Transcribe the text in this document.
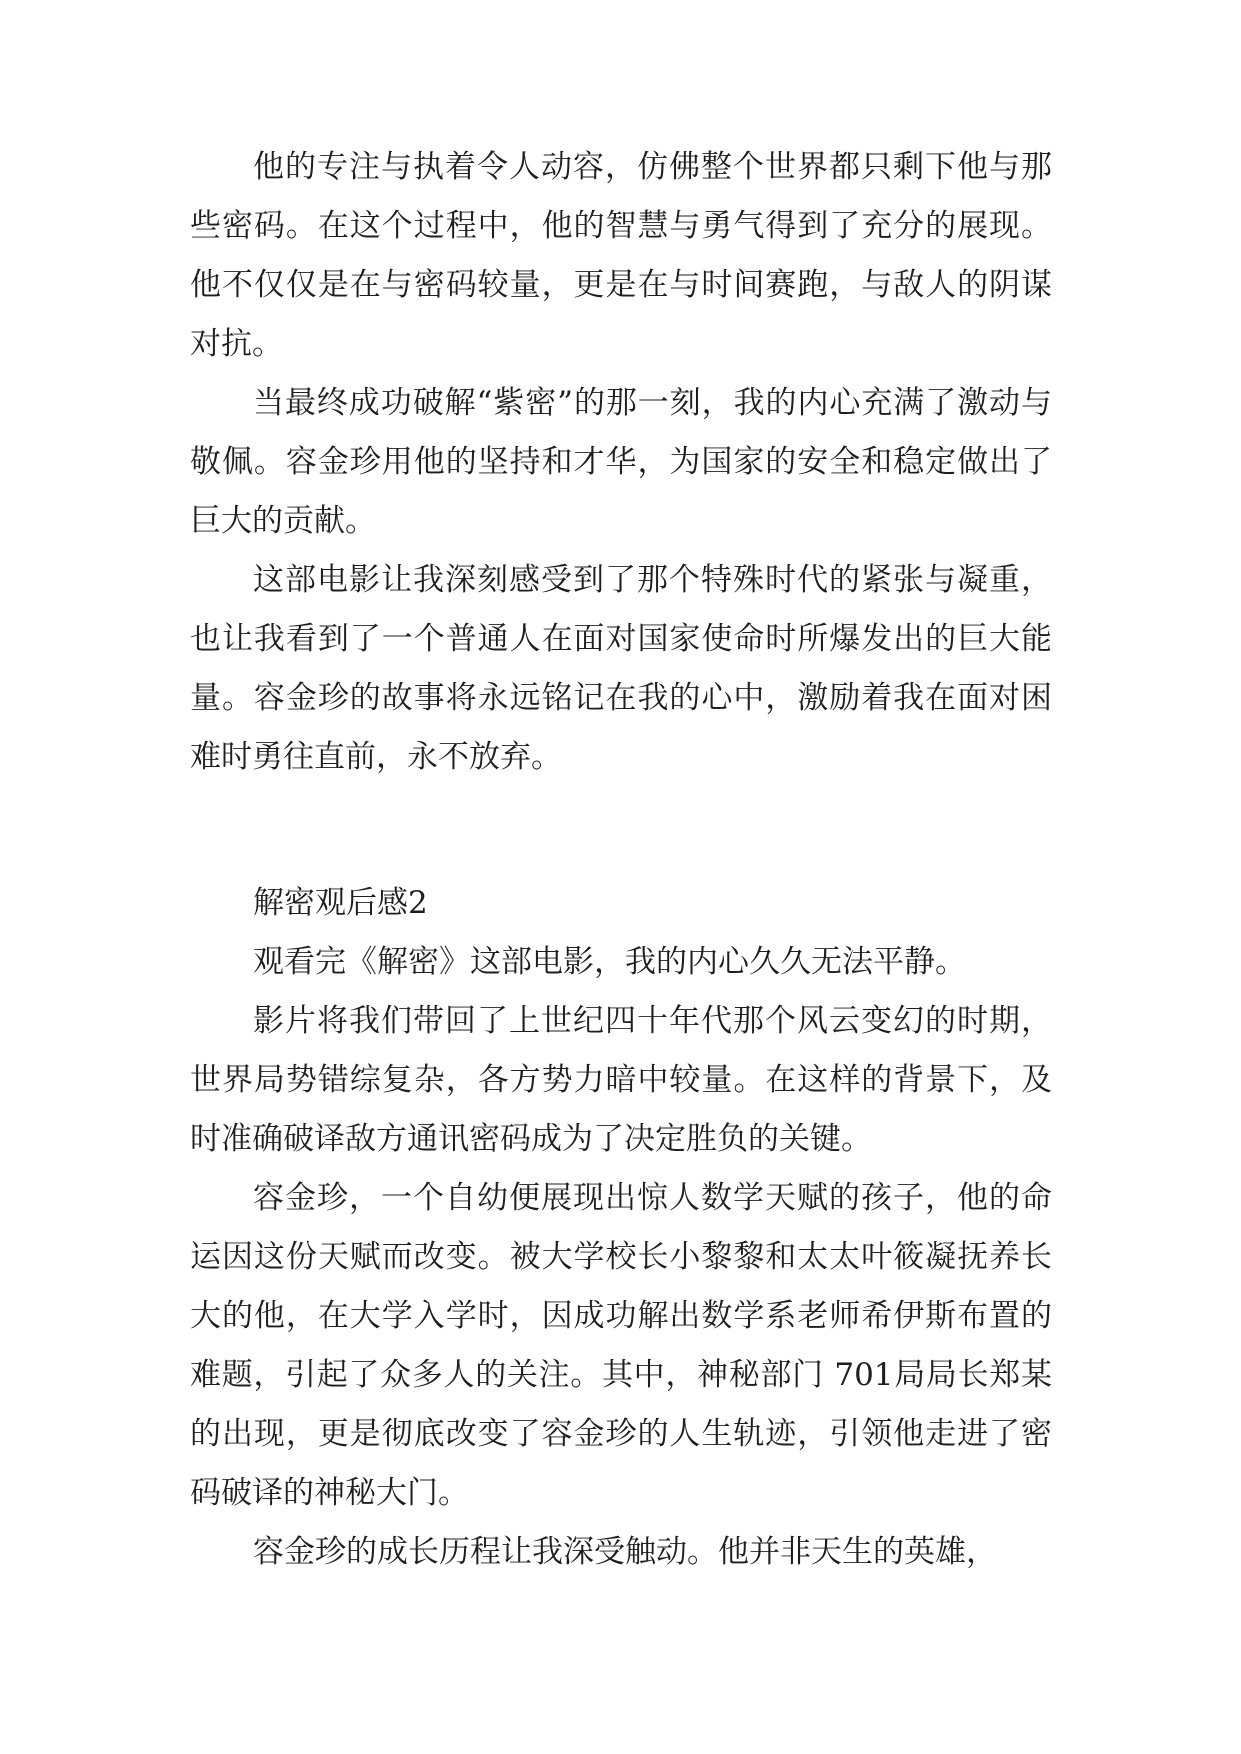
他的专注与执着令人动容，仿佛整个世界都只剩下他与那些密码。在这个过程中，他的智慧与勇气得到了充分的展现。他不仅仅是在与密码较量，更是在与时间赛跑，与敌人的阴谋对抗。

当最终成功破解“紫密”的那一刻，我的内心充满了激动与敬佩。容金珍用他的坚持和才华，为国家的安全和稳定做出了巨大的贡献。

这部电影让我深刻感受到了那个特殊时代的紧张与凝重，也让我看到了一个普通人在面对国家使命时所爆发出的巨大能量。容金珍的故事将永远铭记在我的心中，激励着我在面对困难时勇往直前，永不放弃。

解密观后感2

观看完《解密》这部电影，我的内心久久无法平静。

影片将我们带回了上世纪四十年代那个风云变幻的时期，世界局势错综复杂，各方势力暗中较量。在这样的背景下，及时准确破译敌方通讯密码成为了决定胜负的关键。

容金珍，一个自幼便展现出惊人数学天赋的孩子，他的命运因这份天赋而改变。被大学校长小黎黎和太太叶筱凝抚养长大的他，在大学入学时，因成功解出数学系老师希伊斯布置的难题，引起了众多人的关注。其中，神秘部门 701局局长郑某的出现，更是彻底改变了容金珍的人生轨迹，引领他走进了密码破译的神秘大门。

容金珍的成长历程让我深受触动。他并非天生的英雄，
